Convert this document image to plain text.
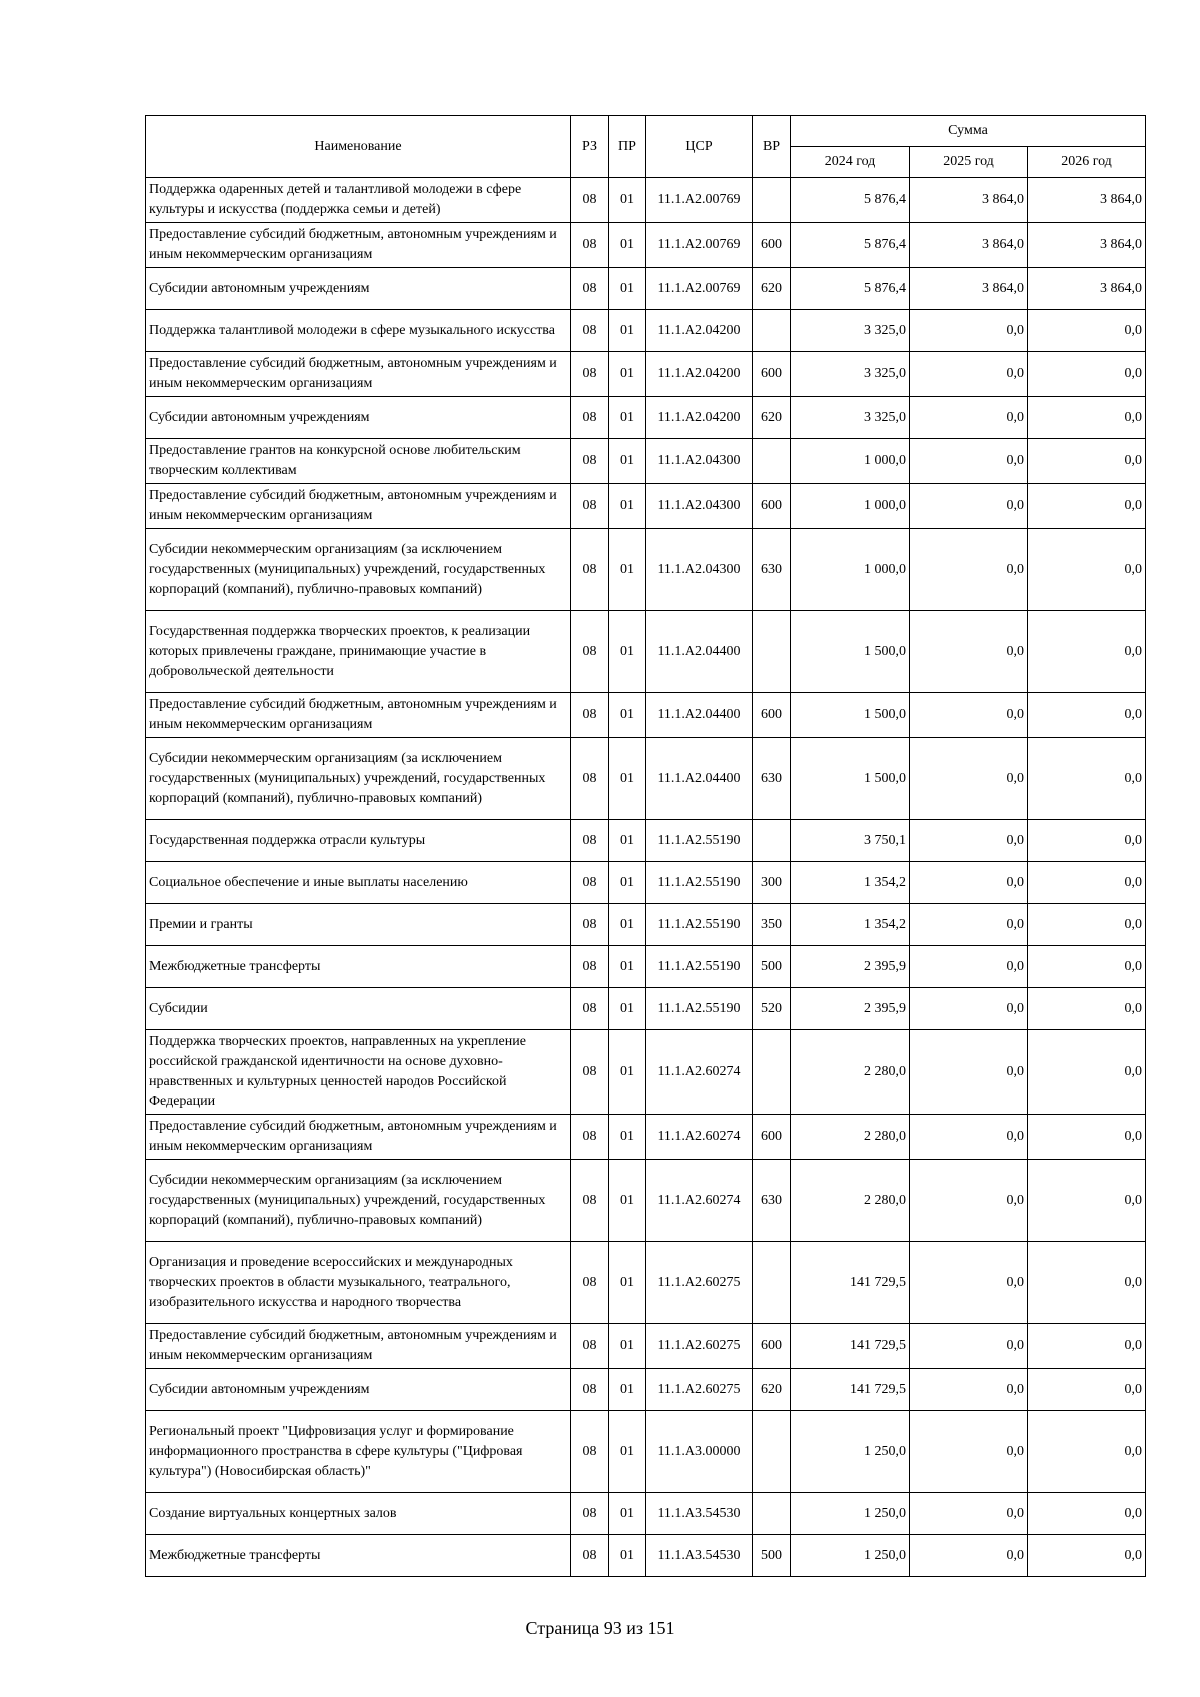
Наименование	РЗ	ПР	ЦСР	ВР	Сумма		
					2024 год	2025 год	2026 год
Поддержка одаренных детей и талантливой молодежи в сфере культуры и искусства (поддержка семьи и детей)	08	01	11.1.А2.00769		5 876,4	3 864,0	3 864,0
Предоставление субсидий бюджетным, автономным учреждениям и иным некоммерческим организациям	08	01	11.1.А2.00769	600	5 876,4	3 864,0	3 864,0
Субсидии автономным учреждениям	08	01	11.1.А2.00769	620	5 876,4	3 864,0	3 864,0
Поддержка талантливой молодежи в сфере музыкального искусства	08	01	11.1.А2.04200		3 325,0	0,0	0,0
Предоставление субсидий бюджетным, автономным учреждениям и иным некоммерческим организациям	08	01	11.1.А2.04200	600	3 325,0	0,0	0,0
Субсидии автономным учреждениям	08	01	11.1.А2.04200	620	3 325,0	0,0	0,0
Предоставление грантов на конкурсной основе любительским творческим коллективам	08	01	11.1.А2.04300		1 000,0	0,0	0,0
Предоставление субсидий бюджетным, автономным учреждениям и иным некоммерческим организациям	08	01	11.1.А2.04300	600	1 000,0	0,0	0,0
Субсидии некоммерческим организациям (за исключением государственных (муниципальных) учреждений, государственных корпораций (компаний), публично-правовых компаний)	08	01	11.1.А2.04300	630	1 000,0	0,0	0,0
Государственная поддержка творческих проектов, к реализации которых привлечены граждане, принимающие участие в добровольческой деятельности	08	01	11.1.А2.04400		1 500,0	0,0	0,0
Предоставление субсидий бюджетным, автономным учреждениям и иным некоммерческим организациям	08	01	11.1.А2.04400	600	1 500,0	0,0	0,0
Субсидии некоммерческим организациям (за исключением государственных (муниципальных) учреждений, государственных корпораций (компаний), публично-правовых компаний)	08	01	11.1.А2.04400	630	1 500,0	0,0	0,0
Государственная поддержка отрасли культуры	08	01	11.1.А2.55190		3 750,1	0,0	0,0
Социальное обеспечение и иные выплаты населению	08	01	11.1.А2.55190	300	1 354,2	0,0	0,0
Премии и гранты	08	01	11.1.А2.55190	350	1 354,2	0,0	0,0
Межбюджетные трансферты	08	01	11.1.А2.55190	500	2 395,9	0,0	0,0
Субсидии	08	01	11.1.А2.55190	520	2 395,9	0,0	0,0
Поддержка творческих проектов, направленных на укрепление российской гражданской идентичности на основе духовно-нравственных и культурных ценностей народов Российской Федерации	08	01	11.1.А2.60274		2 280,0	0,0	0,0
Предоставление субсидий бюджетным, автономным учреждениям и иным некоммерческим организациям	08	01	11.1.А2.60274	600	2 280,0	0,0	0,0
Субсидии некоммерческим организациям (за исключением государственных (муниципальных) учреждений, государственных корпораций (компаний), публично-правовых компаний)	08	01	11.1.А2.60274	630	2 280,0	0,0	0,0
Организация и проведение всероссийских и международных творческих проектов в области музыкального, театрального, изобразительного искусства и народного творчества	08	01	11.1.А2.60275		141 729,5	0,0	0,0
Предоставление субсидий бюджетным, автономным учреждениям и иным некоммерческим организациям	08	01	11.1.А2.60275	600	141 729,5	0,0	0,0
Субсидии автономным учреждениям	08	01	11.1.А2.60275	620	141 729,5	0,0	0,0
Региональный проект "Цифровизация услуг и формирование информационного пространства в сфере культуры ("Цифровая культура") (Новосибирская область)"	08	01	11.1.А3.00000		1 250,0	0,0	0,0
Создание виртуальных концертных залов	08	01	11.1.А3.54530		1 250,0	0,0	0,0
Межбюджетные трансферты	08	01	11.1.А3.54530	500	1 250,0	0,0	0,0
Страница 93 из 151
